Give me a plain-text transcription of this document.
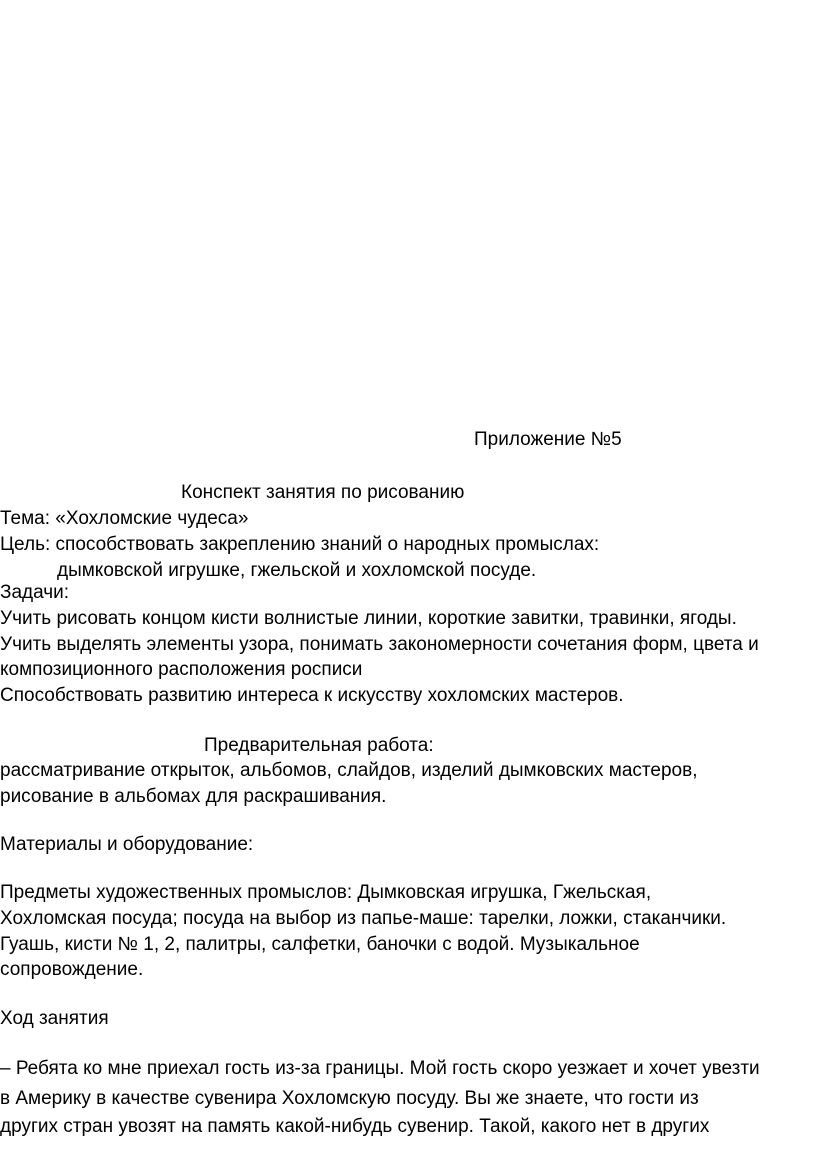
Приложение №5
Конспект занятия по рисованию
Тема: «Хохломские чудеса»
Цель: способствовать закреплению знаний о народных промыслах:
дымковской игрушке, гжельской и хохломской посуде.
Задачи:
Учить рисовать концом кисти волнистые линии, короткие завитки, травинки, ягоды.
Учить выделять элементы узора, понимать закономерности сочетания форм, цвета и
композиционного расположения росписи
Способствовать развитию интереса к искусству хохломских мастеров.
Предварительная работа:
рассматривание открыток, альбомов, слайдов, изделий дымковских мастеров,
рисование в альбомах для раскрашивания.
Материалы и оборудование:
Предметы художественных промыслов: Дымковская игрушка, Гжельская,
Хохломская посуда; посуда на выбор из папье-маше: тарелки, ложки, стаканчики.
Гуашь, кисти № 1, 2, палитры, салфетки, баночки с водой. Музыкальное
сопровождение.
Ход занятия
– Ребята ко мне приехал гость из-за границы. Мой гость скоро уезжает и хочет увезти
в Америку в качестве сувенира Хохломскую посуду. Вы же знаете, что гости из
других стран увозят на память какой-нибудь сувенир. Такой, какого нет в других
